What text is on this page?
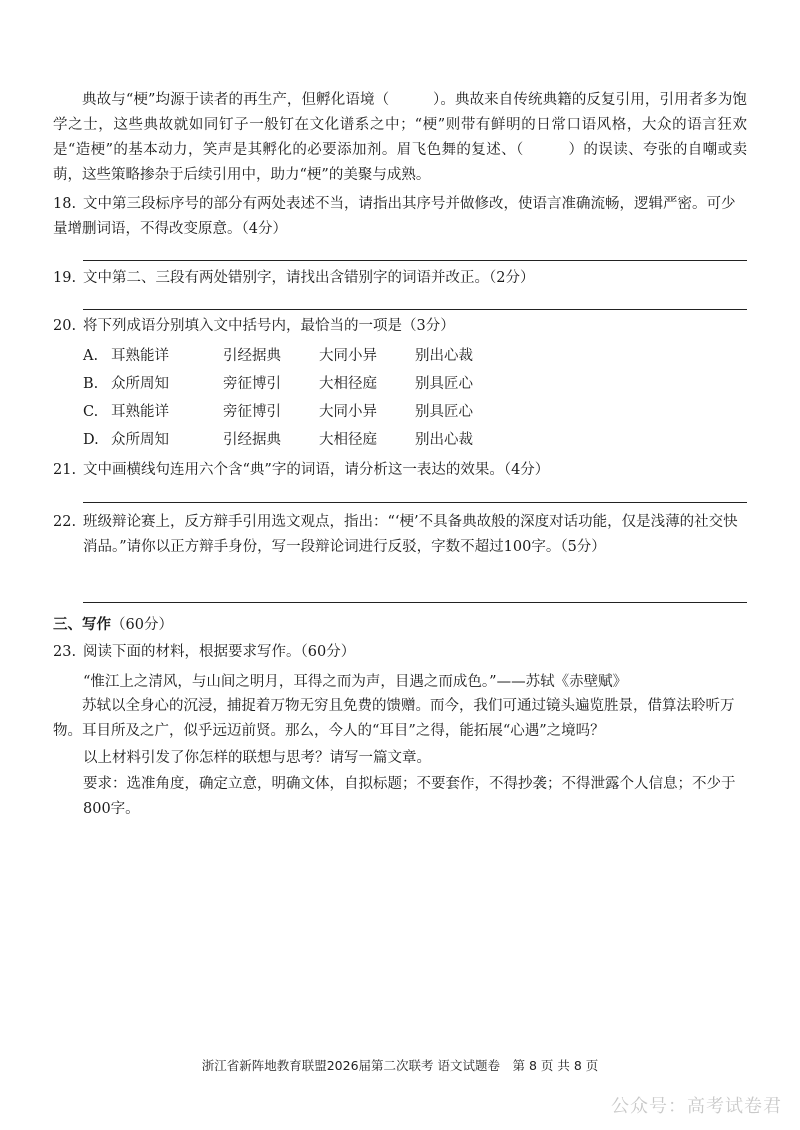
典故与“梗”均源于读者的再生产，但孵化语境（　　　）。典故来自传统典籍的反复引用，引用者多为饱学之士，这些典故就如同钉子一般钉在文化谱系之中；“梗”则带有鲜明的日常口语风格，大众的语言狂欢是“造梗”的基本动力，笑声是其孵化的必要添加剂。眉飞色舞的复述、（　　　）的误读、夸张的自嘲或卖萌，这些策略掺杂于后续引用中，助力“梗”的美聚与成熟。
18. 文中第三段标序号的部分有两处表述不当，请指出其序号并做修改，使语言准确流畅，逻辑严密。可少量增删词语，不得改变原意。（4分）
19. 文中第二、三段有两处错别字，请找出含错别字的词语并改正。（2分）
20. 将下列成语分别填入文中括号内，最恰当的一项是（3分）
A. 耳熟能详	引经据典	大同小异	别出心裁
B. 众所周知	旁征博引	大相径庭	别具匠心
C. 耳熟能详	旁征博引	大同小异	别具匠心
D. 众所周知	引经据典	大相径庭	别出心裁
21. 文中画横线句连用六个含“典”字的词语，请分析这一表达的效果。（4分）
22. 班级辩论赛上，反方辩手引用选文观点，指出：“‘梗’不具备典故般的深度对话功能，仅是浅薄的社交快消品。”请你以正方辩手身份，写一段辩论词进行反驳，字数不超过100字。（5分）
三、写作（60分）
23. 阅读下面的材料，根据要求写作。（60分）
“惟江上之清风，与山间之明月，耳得之而为声，目遇之而成色。”——苏轼《赤壁赋》
苏轼以全身心的沉浸，捕捉着万物无穷且免费的馈赠。而今，我们可通过镜头遍览胜景，借算法聆听万物。耳目所及之广，似乎远迈前贤。那么，今人的“耳目”之得，能拓展“心遇”之境吗？
以上材料引发了你怎样的联想与思考？请写一篇文章。
要求：选准角度，确定立意，明确文体，自拟标题；不要套作，不得抄袭；不得泄露个人信息；不少于800字。
浙江省新阵地教育联盟2026届第二次联考 语文试题卷　第 8 页 共 8 页
公众号：高考试卷君
